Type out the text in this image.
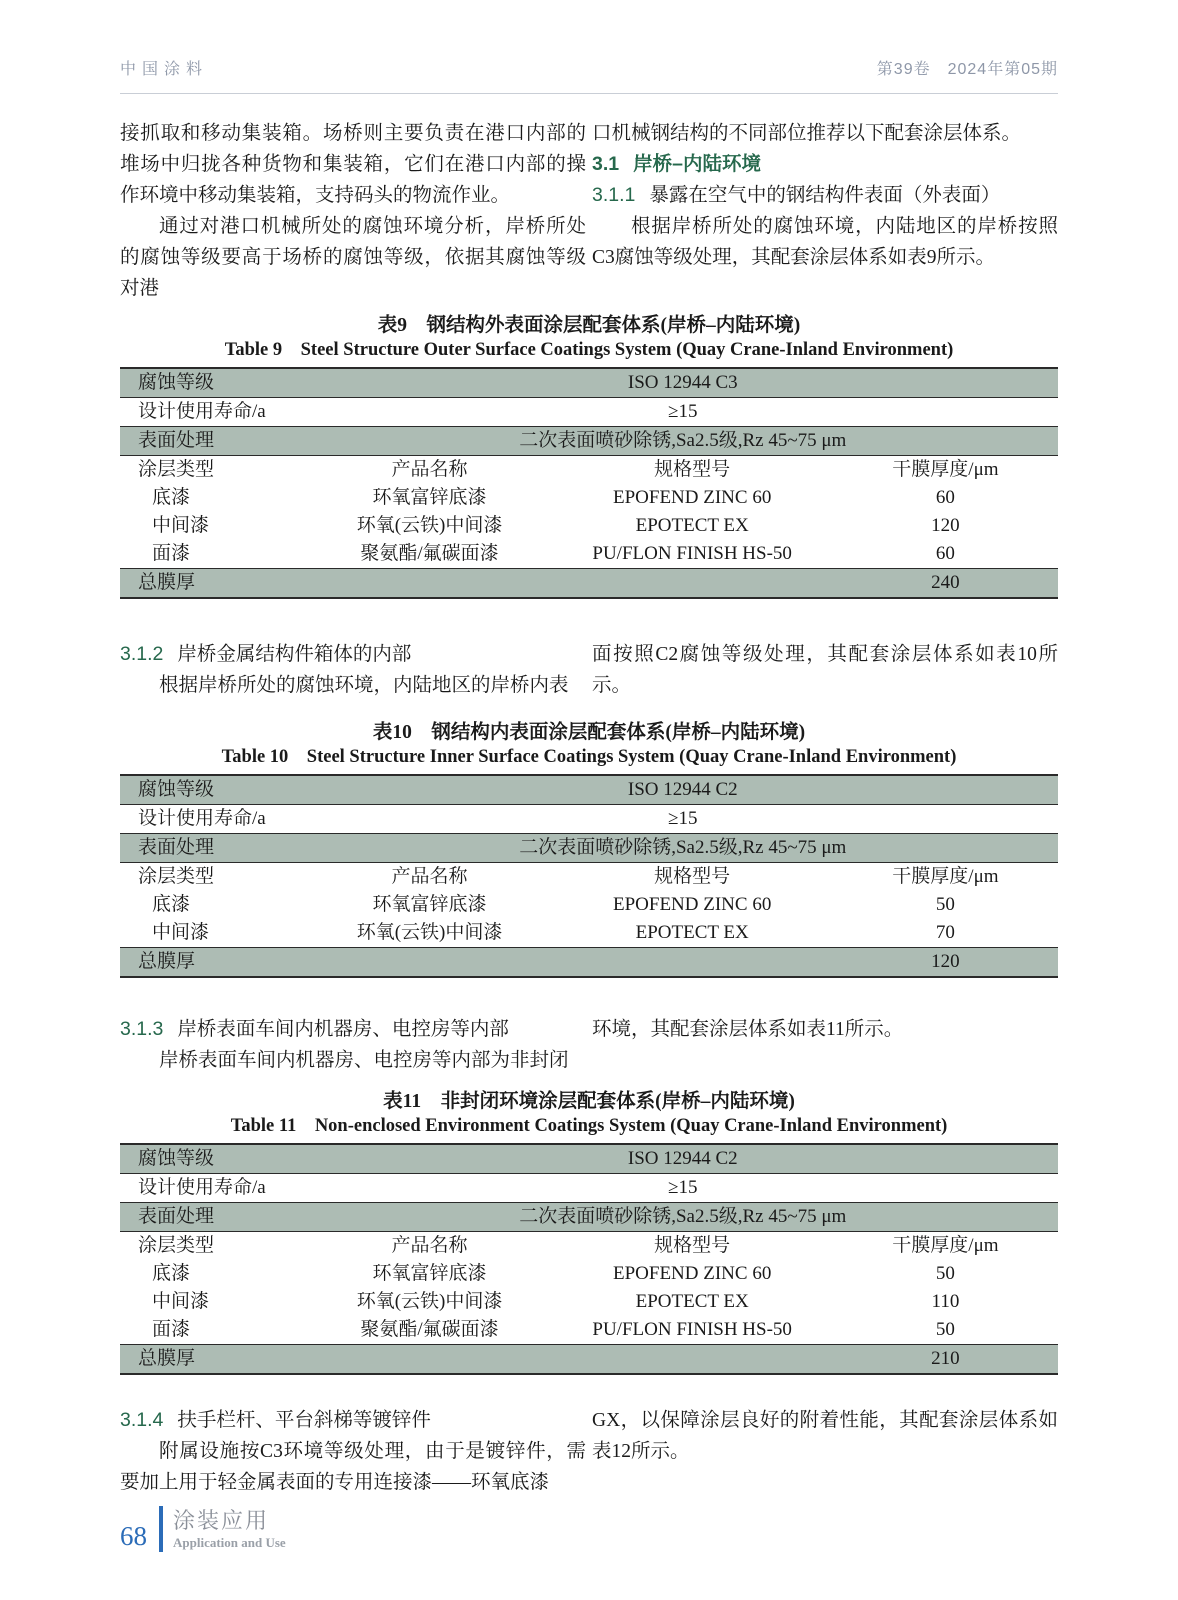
中国涂料	第39卷　2024年第05期

接抓取和移动集装箱。场桥则主要负责在港口内部的堆场中归拢各种货物和集装箱，它们在港口内部的操作环境中移动集装箱，支持码头的物流作业。

通过对港口机械所处的腐蚀环境分析，岸桥所处的腐蚀等级要高于场桥的腐蚀等级，依据其腐蚀等级对港

口机械钢结构的不同部位推荐以下配套涂层体系。

3.1 岸桥–内陆环境

3.1.1 暴露在空气中的钢结构件表面（外表面）

根据岸桥所处的腐蚀环境，内陆地区的岸桥按照C3腐蚀等级处理，其配套涂层体系如表9所示。

表9　钢结构外表面涂层配套体系(岸桥–内陆环境)
Table 9　Steel Structure Outer Surface Coatings System (Quay Crane-Inland Environment)
腐蚀等级	ISO 12944 C3		
设计使用寿命/a	≥15		
表面处理	二次表面喷砂除锈,Sa2.5级,Rz 45~75 μm		
涂层类型	产品名称	规格型号	干膜厚度/μm
底漆	环氧富锌底漆	EPOFEND ZINC 60	60
中间漆	环氧(云铁)中间漆	EPOTECT EX	120
面漆	聚氨酯/氟碳面漆	PU/FLON FINISH HS-50	60
总膜厚			240

3.1.2 岸桥金属结构件箱体的内部

根据岸桥所处的腐蚀环境，内陆地区的岸桥内表

面按照C2腐蚀等级处理，其配套涂层体系如表10所示。

表10　钢结构内表面涂层配套体系(岸桥–内陆环境)
Table 10　Steel Structure Inner Surface Coatings System (Quay Crane-Inland Environment)
腐蚀等级	ISO 12944 C2		
设计使用寿命/a	≥15		
表面处理	二次表面喷砂除锈,Sa2.5级,Rz 45~75 μm		
涂层类型	产品名称	规格型号	干膜厚度/μm
底漆	环氧富锌底漆	EPOFEND ZINC 60	50
中间漆	环氧(云铁)中间漆	EPOTECT EX	70
总膜厚			120

3.1.3 岸桥表面车间内机器房、电控房等内部

岸桥表面车间内机器房、电控房等内部为非封闭

环境，其配套涂层体系如表11所示。

表11　非封闭环境涂层配套体系(岸桥–内陆环境)
Table 11　Non-enclosed Environment Coatings System (Quay Crane-Inland Environment)
腐蚀等级	ISO 12944 C2		
设计使用寿命/a	≥15		
表面处理	二次表面喷砂除锈,Sa2.5级,Rz 45~75 μm		
涂层类型	产品名称	规格型号	干膜厚度/μm
底漆	环氧富锌底漆	EPOFEND ZINC 60	50
中间漆	环氧(云铁)中间漆	EPOTECT EX	110
面漆	聚氨酯/氟碳面漆	PU/FLON FINISH HS-50	50
总膜厚			210

3.1.4 扶手栏杆、平台斜梯等镀锌件

附属设施按C3环境等级处理，由于是镀锌件，需要加上用于轻金属表面的专用连接漆——环氧底漆

GX，以保障涂层良好的附着性能，其配套涂层体系如表12所示。

68
涂装应用
Application and Use
